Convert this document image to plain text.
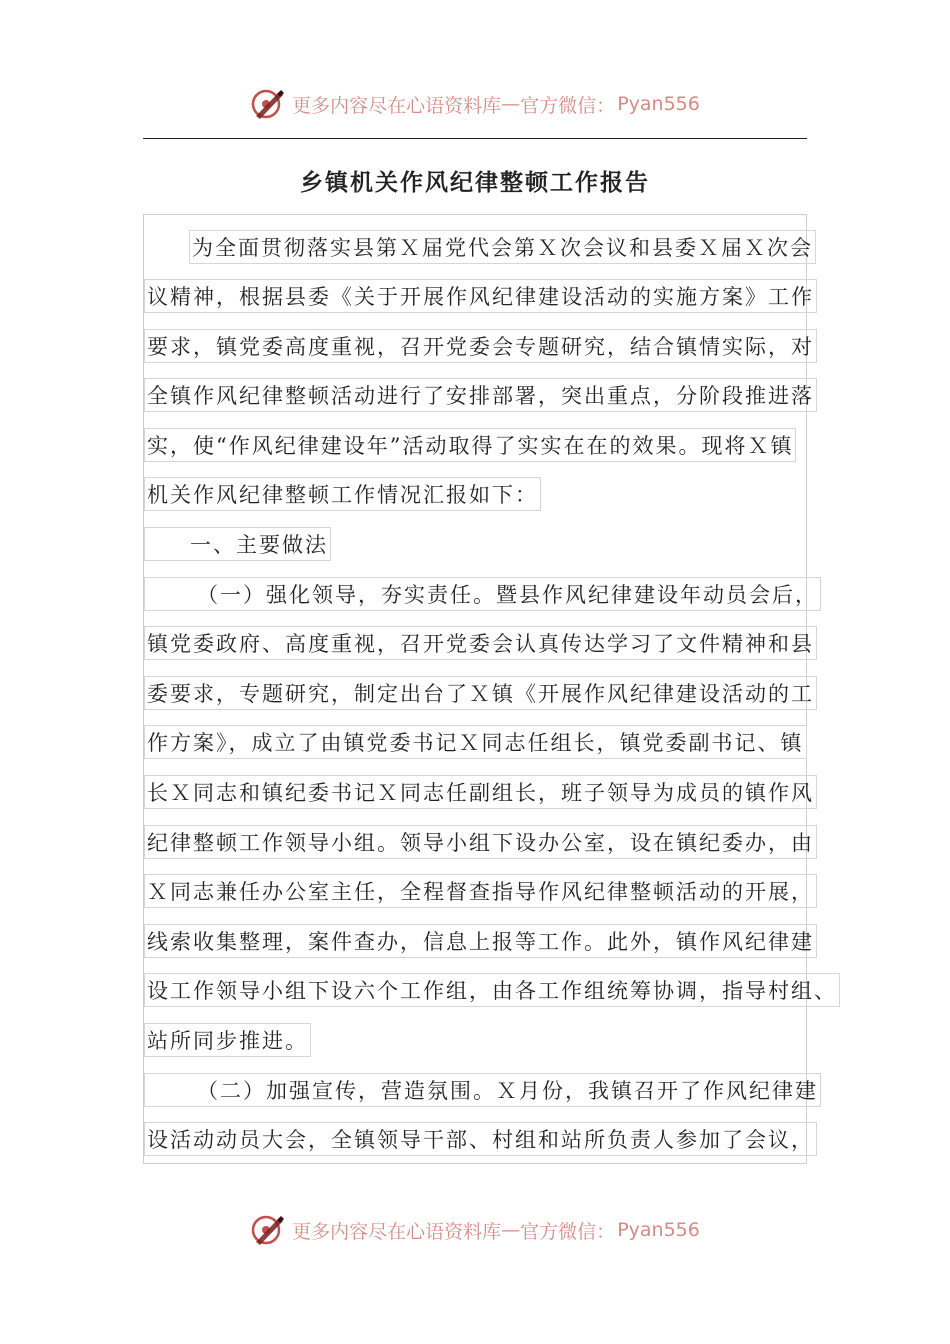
更多内容尽在心语资料库 — 官方微信： Pyan556
乡镇机关作风纪律整顿工作报告
为全面贯彻落实县第Ｘ届党代会第Ｘ次会议和县委Ｘ届Ｘ次会
议精神，根据县委《关于开展作风纪律建设活动的实施方案》工作
要求，镇党委高度重视，召开党委会专题研究，结合镇情实际，对
全镇作风纪律整顿活动进行了安排部署，突出重点，分阶段推进落
实，使“作风纪律建设年”活动取得了实实在在的效果。现将Ｘ镇
机关作风纪律整顿工作情况汇报如下：
一、主要做法
（一）强化领导，夯实责任。暨县作风纪律建设年动员会后，
镇党委政府、高度重视，召开党委会认真传达学习了文件精神和县
委要求，专题研究，制定出台了Ｘ镇《开展作风纪律建设活动的工
作方案》，成立了由镇党委书记Ｘ同志任组长，镇党委副书记、镇
长Ｘ同志和镇纪委书记Ｘ同志任副组长，班子领导为成员的镇作风
纪律整顿工作领导小组。领导小组下设办公室，设在镇纪委办，由
Ｘ同志兼任办公室主任，全程督查指导作风纪律整顿活动的开展，
线索收集整理，案件查办，信息上报等工作。此外，镇作风纪律建
设工作领导小组下设六个工作组，由各工作组统筹协调，指导村组、
站所同步推进。
（二）加强宣传，营造氛围。Ｘ月份，我镇召开了作风纪律建
设活动动员大会，全镇领导干部、村组和站所负责人参加了会议，
更多内容尽在心语资料库 — 官方微信： Pyan556
